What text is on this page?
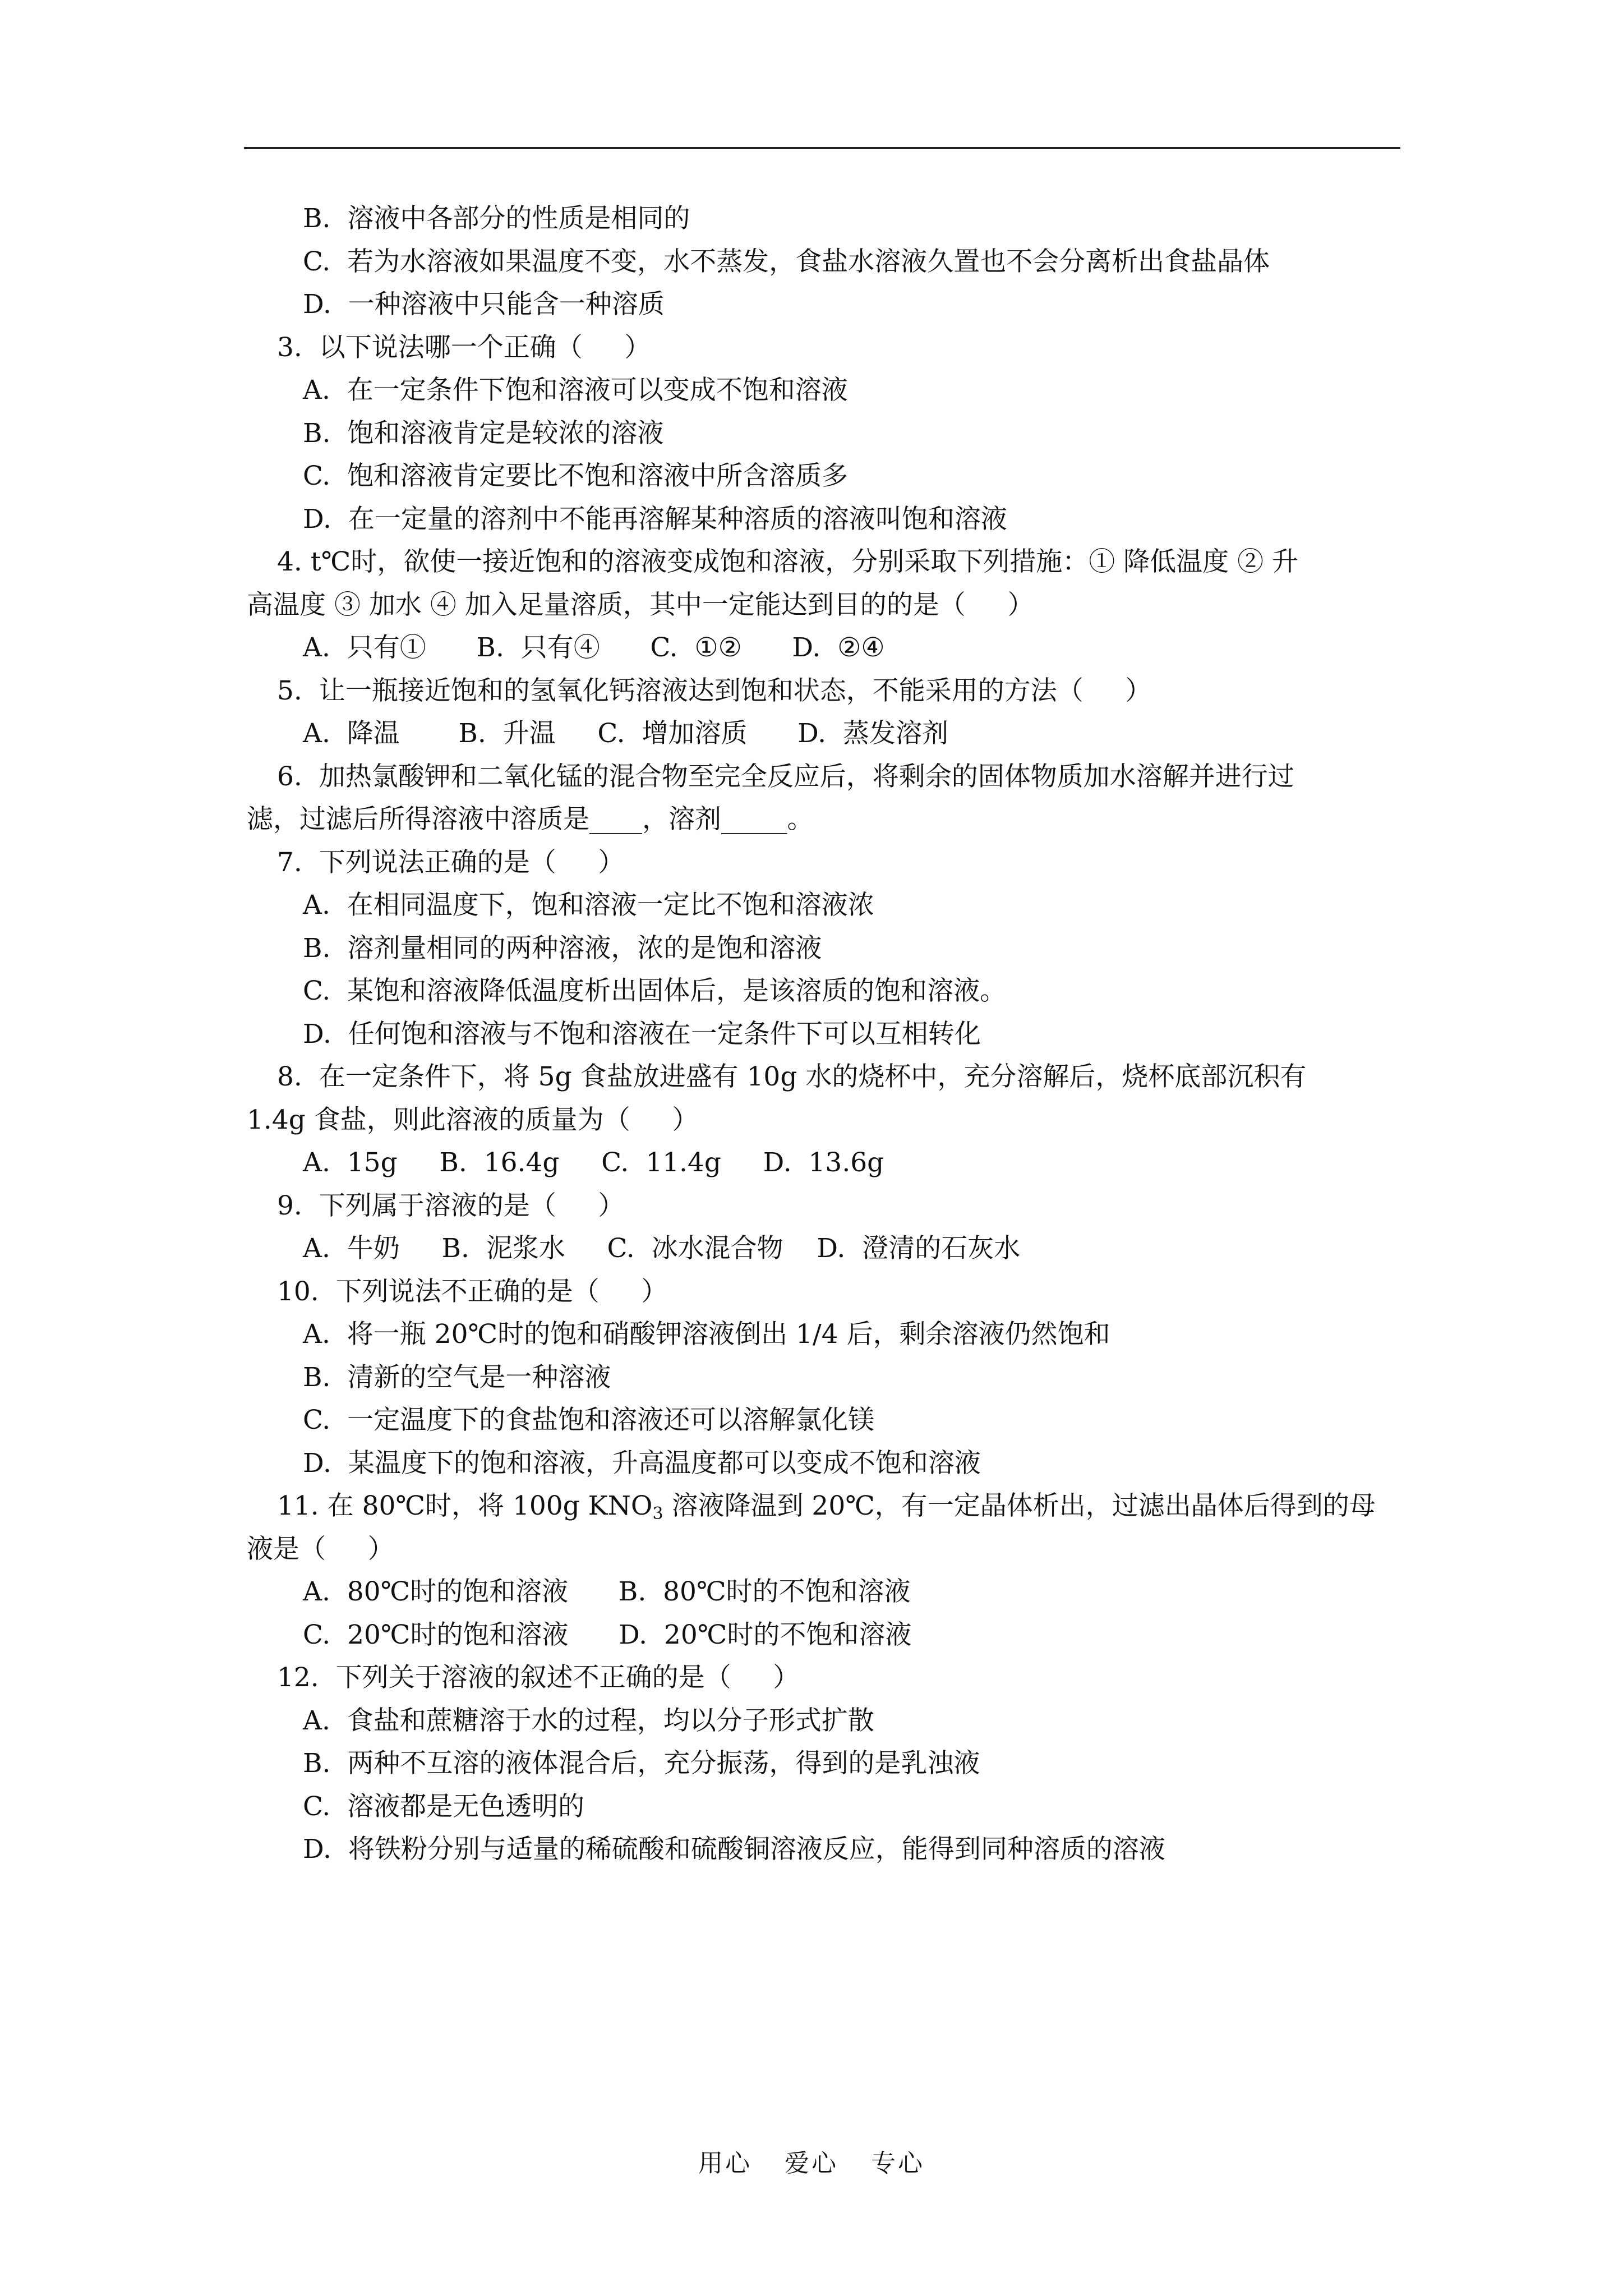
B.  溶液中各部分的性质是相同的
C.  若为水溶液如果温度不变，水不蒸发，食盐水溶液久置也不会分离析出食盐晶体
D.  一种溶液中只能含一种溶质
3.  以下说法哪一个正确（     ）
A.  在一定条件下饱和溶液可以变成不饱和溶液
B.  饱和溶液肯定是较浓的溶液
C.  饱和溶液肯定要比不饱和溶液中所含溶质多
D.  在一定量的溶剂中不能再溶解某种溶质的溶液叫饱和溶液
4. t℃时，欲使一接近饱和的溶液变成饱和溶液，分别采取下列措施：① 降低温度 ② 升
高温度 ③ 加水 ④ 加入足量溶质，其中一定能达到目的的是（     ）
A.  只有①      B.  只有④      C.  ①②      D.  ②④
5.  让一瓶接近饱和的氢氧化钙溶液达到饱和状态，不能采用的方法（     ）
A.  降温       B.  升温     C.  增加溶质      D.  蒸发溶剂
6.  加热氯酸钾和二氧化锰的混合物至完全反应后，将剩余的固体物质加水溶解并进行过
滤，过滤后所得溶液中溶质是____，溶剂_____。
7.  下列说法正确的是（     ）
A.  在相同温度下，饱和溶液一定比不饱和溶液浓
B.  溶剂量相同的两种溶液，浓的是饱和溶液
C.  某饱和溶液降低温度析出固体后，是该溶质的饱和溶液。
D.  任何饱和溶液与不饱和溶液在一定条件下可以互相转化
8.  在一定条件下，将 5g 食盐放进盛有 10g 水的烧杯中，充分溶解后，烧杯底部沉积有
1.4g 食盐，则此溶液的质量为（     ）
A.  15g     B.  16.4g     C.  11.4g     D.  13.6g
9.  下列属于溶液的是（     ）
A.  牛奶     B.  泥浆水     C.  冰水混合物    D.  澄清的石灰水
10.  下列说法不正确的是（     ）
A.  将一瓶 20℃时的饱和硝酸钾溶液倒出 1/4 后，剩余溶液仍然饱和
B.  清新的空气是一种溶液
C.  一定温度下的食盐饱和溶液还可以溶解氯化镁
D.  某温度下的饱和溶液，升高温度都可以变成不饱和溶液
11. 在 80℃时，将 100g $KNO_3$ 溶液降温到 20℃，有一定晶体析出，过滤出晶体后得到的母
液是（     ）
A.  80℃时的饱和溶液      B.  80℃时的不饱和溶液
C.  20℃时的饱和溶液      D.  20℃时的不饱和溶液
12.  下列关于溶液的叙述不正确的是（     ）
A.  食盐和蔗糖溶于水的过程，均以分子形式扩散
B.  两种不互溶的液体混合后，充分振荡，得到的是乳浊液
C.  溶液都是无色透明的
D.  将铁粉分别与适量的稀硫酸和硫酸铜溶液反应，能得到同种溶质的溶液
用心 爱心 专心
